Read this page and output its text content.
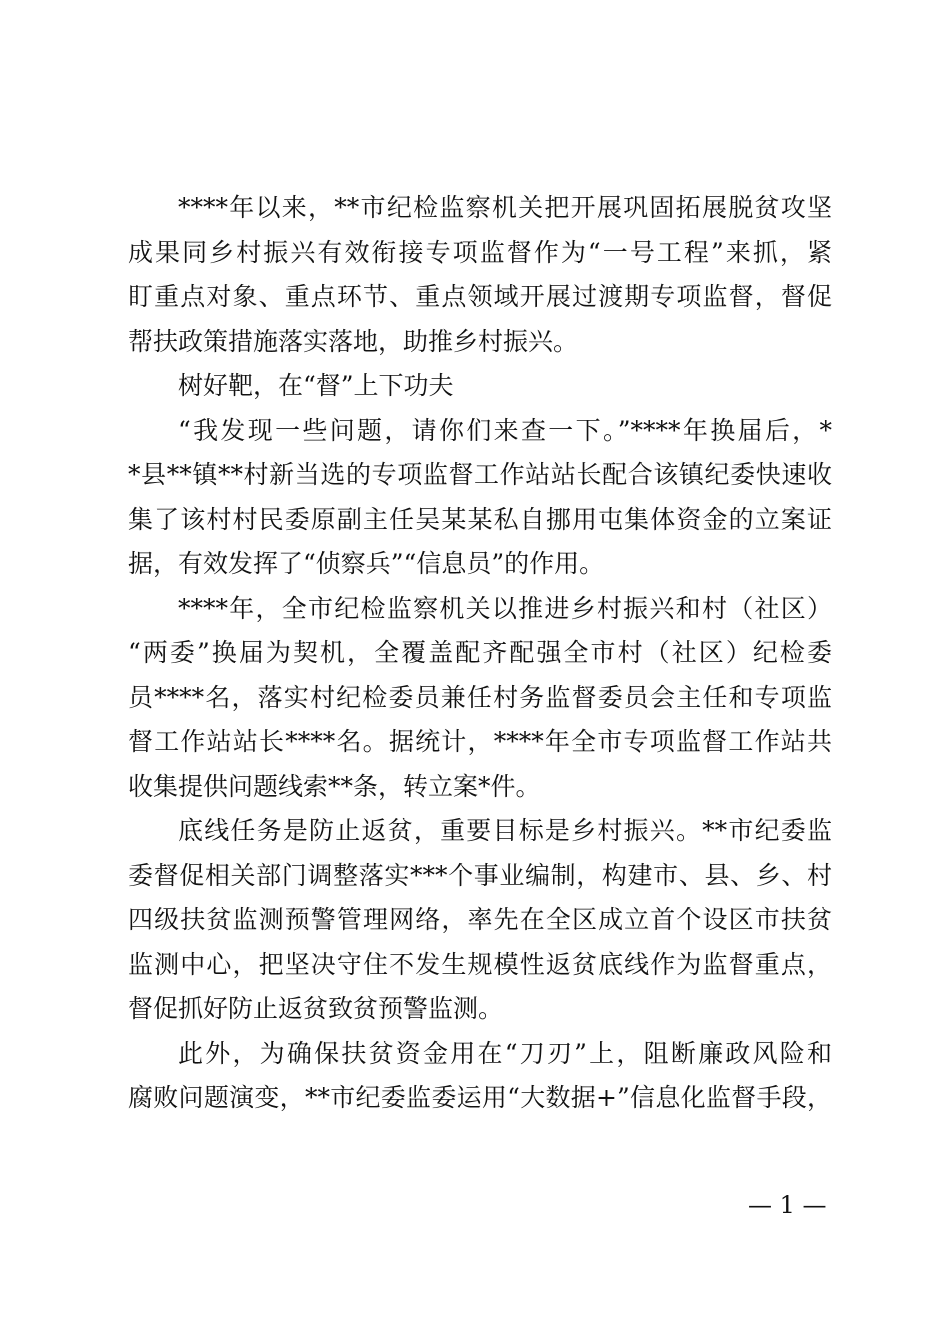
****年以来，**市纪检监察机关把开展巩固拓展脱贫攻坚
成果同乡村振兴有效衔接专项监督作为“一号工程”来抓，紧
盯重点对象、重点环节、重点领域开展过渡期专项监督，督促
帮扶政策措施落实落地，助推乡村振兴。
树好靶，在“督”上下功夫
“我发现一些问题，请你们来查一下。”****年换届后，*
*县**镇**村新当选的专项监督工作站站长配合该镇纪委快速收
集了该村村民委原副主任吴某某私自挪用屯集体资金的立案证
据，有效发挥了“侦察兵”“信息员”的作用。
****年，全市纪检监察机关以推进乡村振兴和村（社区）
“两委”换届为契机，全覆盖配齐配强全市村（社区）纪检委
员****名，落实村纪检委员兼任村务监督委员会主任和专项监
督工作站站长****名。据统计，****年全市专项监督工作站共
收集提供问题线索**条，转立案*件。
底线任务是防止返贫，重要目标是乡村振兴。**市纪委监
委督促相关部门调整落实***个事业编制，构建市、县、乡、村
四级扶贫监测预警管理网络，率先在全区成立首个设区市扶贫
监测中心，把坚决守住不发生规模性返贫底线作为监督重点，
督促抓好防止返贫致贫预警监测。
此外，为确保扶贫资金用在“刀刃”上，阻断廉政风险和
腐败问题演变，**市纪委监委运用“大数据+”信息化监督手段，
— 1 —
